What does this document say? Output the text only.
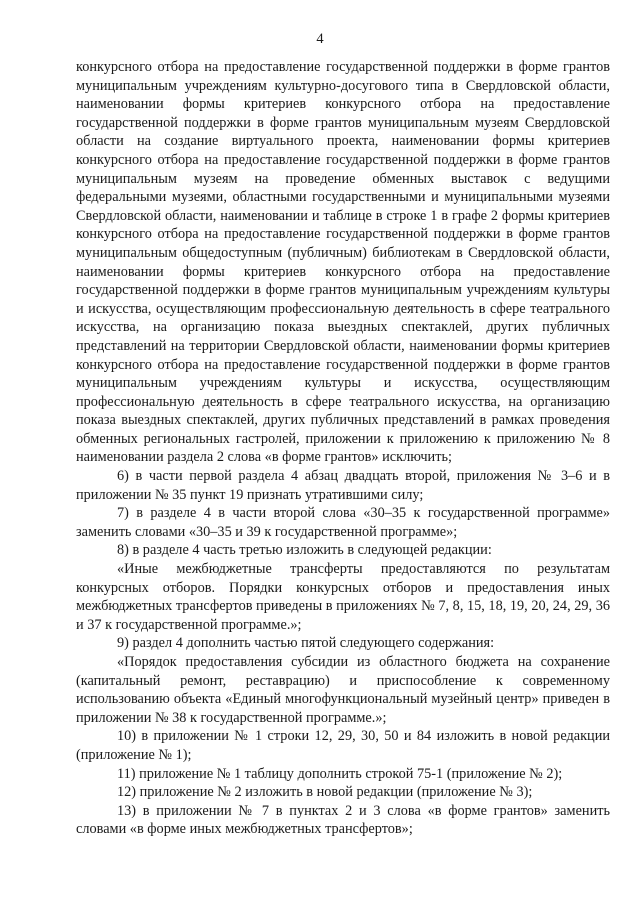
4

конкурсного отбора на предоставление государственной поддержки в форме грантов муниципальным учреждениям культурно-досугового типа в Свердловской области, наименовании формы критериев конкурсного отбора на предоставление государственной поддержки в форме грантов муниципальным музеям Свердловской области на создание виртуального проекта, наименовании формы критериев конкурсного отбора на предоставление государственной поддержки в форме грантов муниципальным музеям на проведение обменных выставок с ведущими федеральными музеями, областными государственными и муниципальными музеями Свердловской области, наименовании и таблице в строке 1 в графе 2 формы критериев конкурсного отбора на предоставление государственной поддержки в форме грантов муниципальным общедоступным (публичным) библиотекам в Свердловской области, наименовании формы критериев конкурсного отбора на предоставление государственной поддержки в форме грантов муниципальным учреждениям культуры и искусства, осуществляющим профессиональную деятельность в сфере театрального искусства, на организацию показа выездных спектаклей, других публичных представлений на территории Свердловской области, наименовании формы критериев конкурсного отбора на предоставление государственной поддержки в форме грантов муниципальным учреждениям культуры и искусства, осуществляющим профессиональную деятельность в сфере театрального искусства, на организацию показа выездных спектаклей, других публичных представлений в рамках проведения обменных региональных гастролей, приложении к приложению к приложению № 8 наименовании раздела 2 слова «в форме грантов» исключить;

6) в части первой раздела 4 абзац двадцать второй, приложения № 3–6 и в приложении № 35 пункт 19 признать утратившими силу;

7) в разделе 4 в части второй слова «30–35 к государственной программе» заменить словами «30–35 и 39 к государственной программе»;

8) в разделе 4 часть третью изложить в следующей редакции:

«Иные межбюджетные трансферты предоставляются по результатам конкурсных отборов. Порядки конкурсных отборов и предоставления иных межбюджетных трансфертов приведены в приложениях № 7, 8, 15, 18, 19, 20, 24, 29, 36 и 37 к государственной программе.»;

9) раздел 4 дополнить частью пятой следующего содержания:

«Порядок предоставления субсидии из областного бюджета на сохранение (капитальный ремонт, реставрацию) и приспособление к современному использованию объекта «Единый многофункциональный музейный центр» приведен в приложении № 38 к государственной программе.»;

10) в приложении № 1 строки 12, 29, 30, 50 и 84 изложить в новой редакции (приложение № 1);

11) приложение № 1 таблицу дополнить строкой 75-1 (приложение № 2);

12) приложение № 2 изложить в новой редакции (приложение № 3);

13) в приложении № 7 в пунктах 2 и 3 слова «в форме грантов» заменить словами «в форме иных межбюджетных трансфертов»;
